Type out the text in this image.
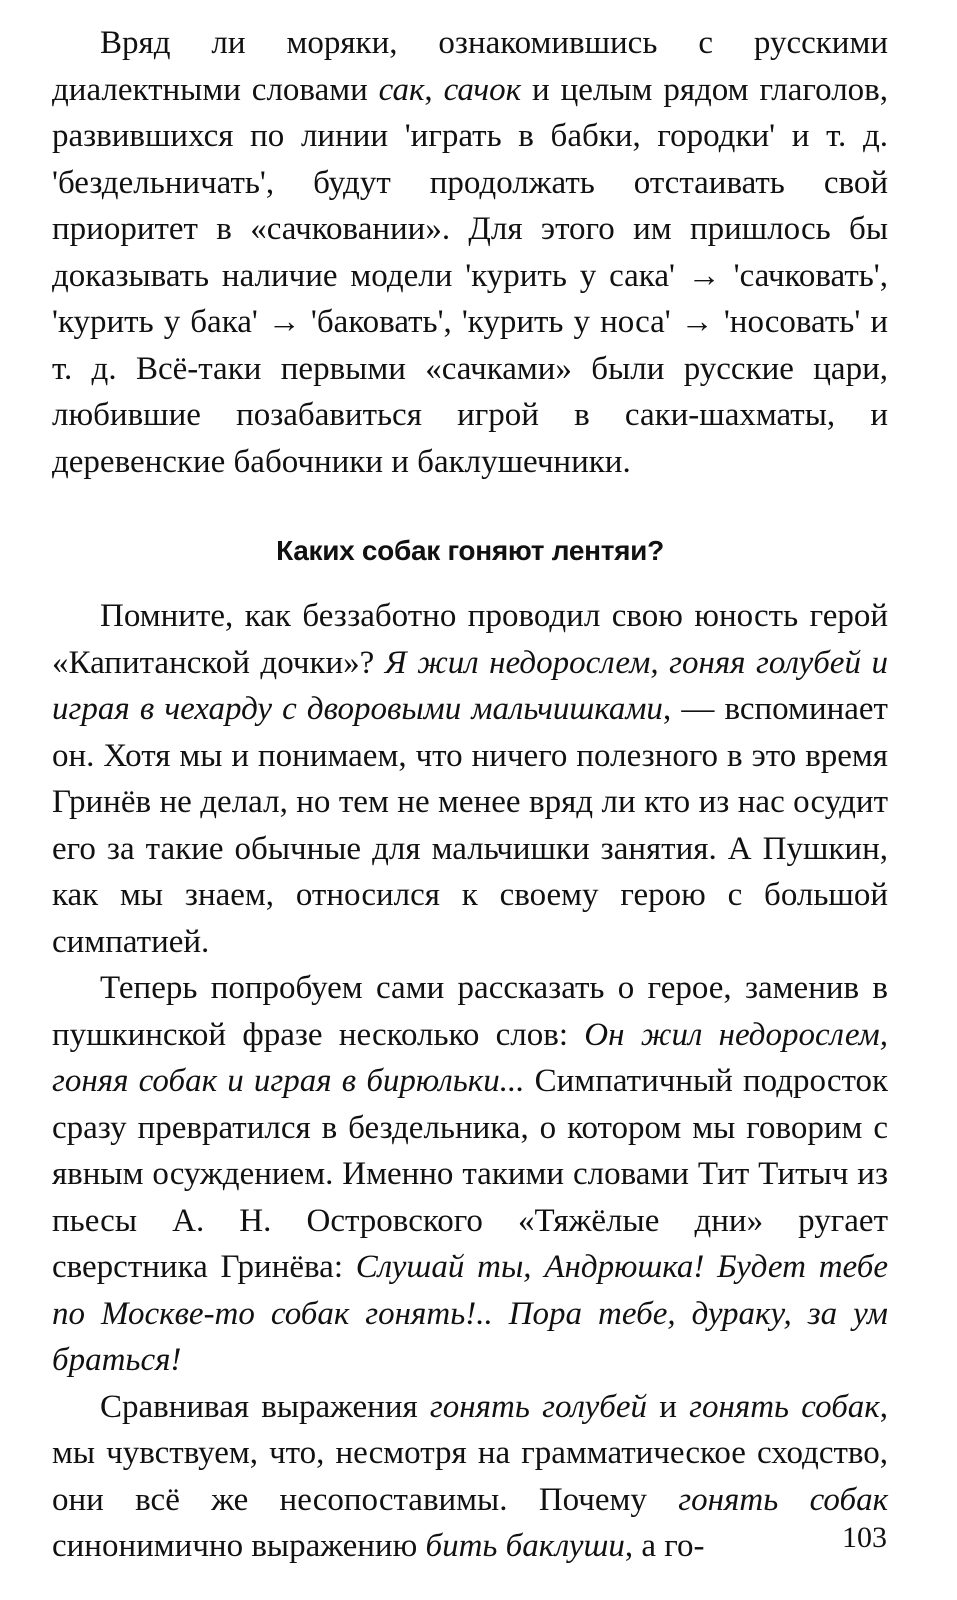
Вряд ли моряки, ознакомившись с русскими диалектными словами сак, сачок и целым рядом глаголов, развившихся по линии 'играть в бабки, городки' и т. д. 'бездельничать', будут продолжать отстаивать свой приоритет в «сачковании». Для этого им пришлось бы доказывать наличие модели 'курить у сака' → 'сачковать', 'курить у бака' → 'баковать', 'курить у носа' → 'носовать' и т. д. Всё-таки первыми «сачками» были русские цари, любившие позабавиться игрой в саки-шахматы, и деревенские бабочники и баклушечники.

Каких собак гоняют лентяи?

Помните, как беззаботно проводил свою юность герой «Капитанской дочки»? Я жил недорослем, гоняя голубей и играя в чехарду с дворовыми мальчишками, — вспоминает он. Хотя мы и понимаем, что ничего полезного в это время Гринёв не делал, но тем не менее вряд ли кто из нас осудит его за такие обычные для мальчишки занятия. А Пушкин, как мы знаем, относился к своему герою с большой симпатией.

Теперь попробуем сами рассказать о герое, заменив в пушкинской фразе несколько слов: Он жил недорослем, гоняя собак и играя в бирюльки... Симпатичный подросток сразу превратился в бездельника, о котором мы говорим с явным осуждением. Именно такими словами Тит Титыч из пьесы А. Н. Островского «Тяжёлые дни» ругает сверстника Гринёва: Слушай ты, Андрюшка! Будет тебе по Москве-то собак гонять!.. Пора тебе, дураку, за ум браться!

Сравнивая выражения гонять голубей и гонять собак, мы чувствуем, что, несмотря на грамматическое сходство, они всё же несопоставимы. Почему гонять собак синонимично выражению бить баклуши, а го-	103
